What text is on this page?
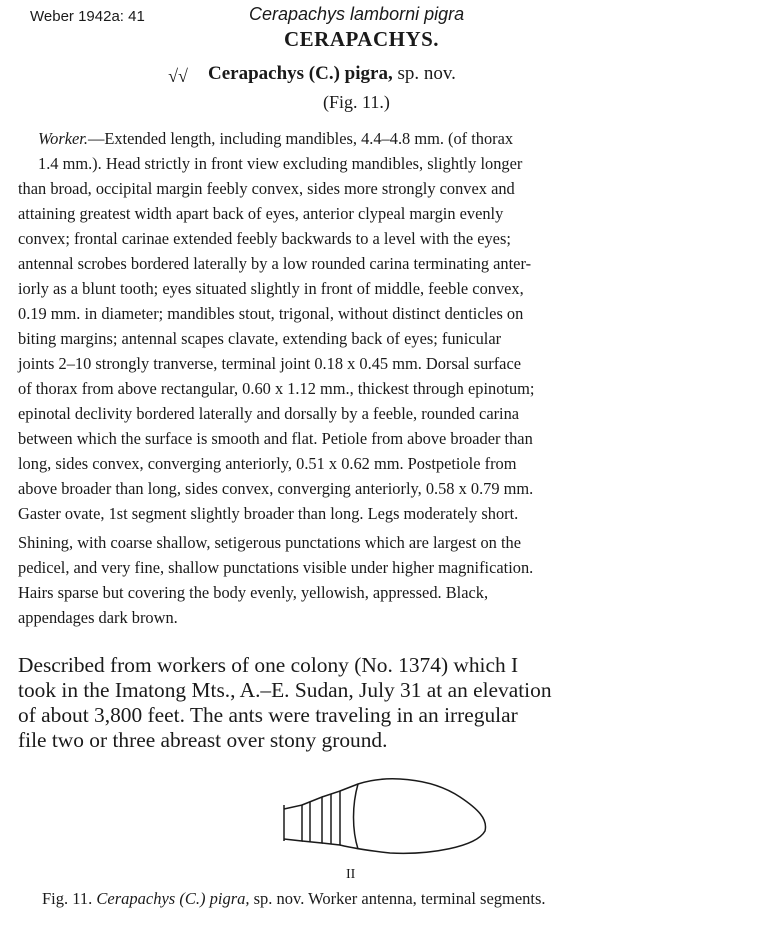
Weber 1942a: 41	Cerapachys lamborni pigra
CERAPACHYS.
√√ Cerapachys (C.) pigra, sp. nov.
(Fig. 11.)
Worker.—Extended length, including mandibles, 4.4–4.8 mm. (of thorax
1.4 mm.). Head strictly in front view excluding mandibles, slightly longer
than broad, occipital margin feebly convex, sides more strongly convex and
attaining greatest width apart back of eyes, anterior clypeal margin evenly
convex; frontal carinae extended feebly backwards to a level with the eyes;
antennal scrobes bordered laterally by a low rounded carina terminating anter-
iorly as a blunt tooth; eyes situated slightly in front of middle, feeble convex,
0.19 mm. in diameter; mandibles stout, trigonal, without distinct denticles on
biting margins; antennal scapes clavate, extending back of eyes; funicular
joints 2–10 strongly tranverse, terminal joint 0.18 x 0.45 mm. Dorsal surface
of thorax from above rectangular, 0.60 x 1.12 mm., thickest through epinotum;
epinotal declivity bordered laterally and dorsally by a feeble, rounded carina
between which the surface is smooth and flat. Petiole from above broader than
long, sides convex, converging anteriorly, 0.51 x 0.62 mm. Postpetiole from
above broader than long, sides convex, converging anteriorly, 0.58 x 0.79 mm.
Gaster ovate, 1st segment slightly broader than long. Legs moderately short.
Shining, with coarse shallow, setigerous punctations which are largest on the
pedicel, and very fine, shallow punctations visible under higher magnification.
Hairs sparse but covering the body evenly, yellowish, appressed. Black,
appendages dark brown.
Described from workers of one colony (No. 1374) which I
took in the Imatong Mts., A.–E. Sudan, July 31 at an elevation
of about 3,800 feet. The ants were traveling in an irregular
file two or three abreast over stony ground.
II
Fig. 11. Cerapachys (C.) pigra, sp. nov. Worker antenna, terminal segments.
